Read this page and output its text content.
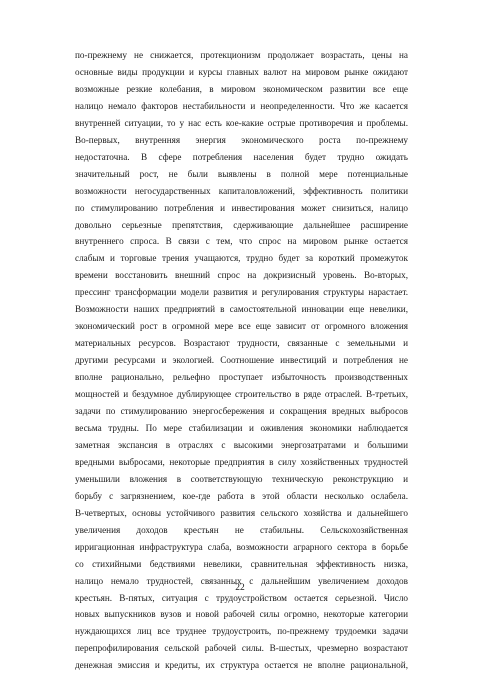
по-прежнему не снижается, протекционизм продолжает возрастать, цены на
основные виды продукции и курсы главных валют на мировом рынке ожидают
возможные резкие колебания, в мировом экономическом развитии все еще
налицо немало факторов нестабильности и неопределенности. Что же касается
внутренней ситуации, то у нас есть кое-какие острые противоречия и проблемы.
Во-первых, внутренняя энергия экономического роста по-прежнему
недостаточна. В сфере потребления населения будет трудно ожидать
значительный рост, не были выявлены в полной мере потенциальные
возможности негосударственных капиталовложений, эффективность политики
по стимулированию потребления и инвестирования может снизиться, налицо
довольно серьезные препятствия, сдерживающие дальнейшее расширение
внутреннего спроса. В связи с тем, что спрос на мировом рынке остается
слабым и торговые трения учащаются, трудно будет за короткий промежуток
времени восстановить внешний спрос на докризисный уровень. Во-вторых,
прессинг трансформации модели развития и регулирования структуры нарастает.
Возможности наших предприятий в самостоятельной инновации еще невелики,
экономический рост в огромной мере все еще зависит от огромного вложения
материальных ресурсов. Возрастают трудности, связанные с земельными и
другими ресурсами и экологией. Соотношение инвестиций и потребления не
вполне рационально, рельефно проступает избыточность производственных
мощностей и бездумное дублирующее строительство в ряде отраслей. В-третьих,
задачи по стимулированию энергосбережения и сокращения вредных выбросов
весьма трудны. По мере стабилизации и оживления экономики наблюдается
заметная экспансия в отраслях с высокими энергозатратами и большими
вредными выбросами, некоторые предприятия в силу хозяйственных трудностей
уменьшили вложения в соответствующую техническую реконструкцию и
борьбу с загрязнением, кое-где работа в этой области несколько ослабела.
В-четвертых, основы устойчивого развития сельского хозяйства и дальнейшего
увеличения доходов крестьян не стабильны. Сельскохозяйственная
ирригационная инфраструктура слаба, возможности аграрного сектора в борьбе
со стихийными бедствиями невелики, сравнительная эффективность низка,
налицо немало трудностей, связанных с дальнейшим увеличением доходов
крестьян. В-пятых, ситуация с трудоустройством остается серьезной. Число
новых выпускников вузов и новой рабочей силы огромно, некоторые категории
нуждающихся лиц все труднее трудоустроить, по-прежнему трудоемки задачи
перепрофилирования сельской рабочей силы. В-шестых, чрезмерно возрастают
денежная эмиссия и кредиты, их структура остается не вполне рациональной,
22
